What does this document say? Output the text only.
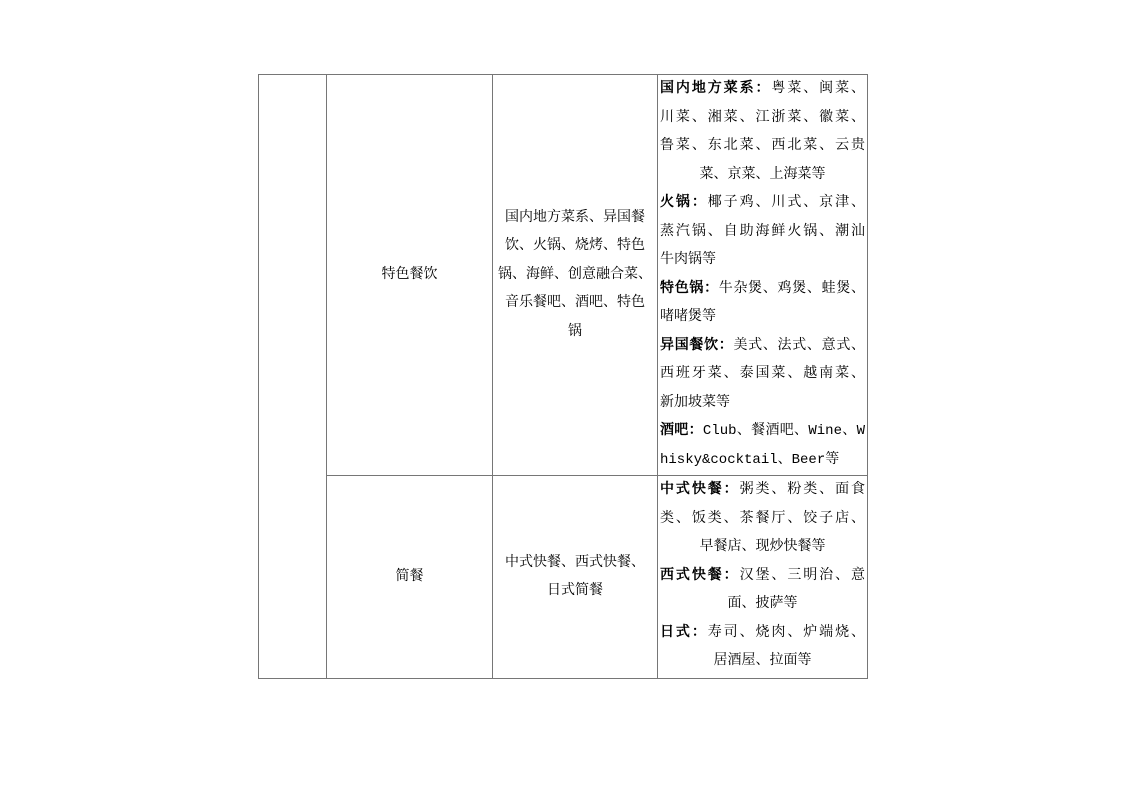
特色餐饮
国内地方菜系、异国餐
饮、火锅、烧烤、特色
锅、海鲜、创意融合菜、
音乐餐吧、酒吧、特色
锅
国内地方菜系：粤菜、闽菜、
川菜、湘菜、江浙菜、徽菜、
鲁菜、东北菜、西北菜、云贵
菜、京菜、上海菜等
火锅：椰子鸡、川式、京津、
蒸汽锅、自助海鲜火锅、潮汕
牛肉锅等
特色锅：牛杂煲、鸡煲、蛙煲、
啫啫煲等
异国餐饮：美式、法式、意式、
西班牙菜、泰国菜、越南菜、
新加坡菜等
酒吧：Club、餐酒吧、Wine、W
hisky&cocktail、Beer等
简餐
中式快餐、西式快餐、
日式简餐
中式快餐：粥类、粉类、面食
类、饭类、茶餐厅、饺子店、
早餐店、现炒快餐等
西式快餐：汉堡、三明治、意
面、披萨等
日式：寿司、烧肉、炉端烧、
居酒屋、拉面等
